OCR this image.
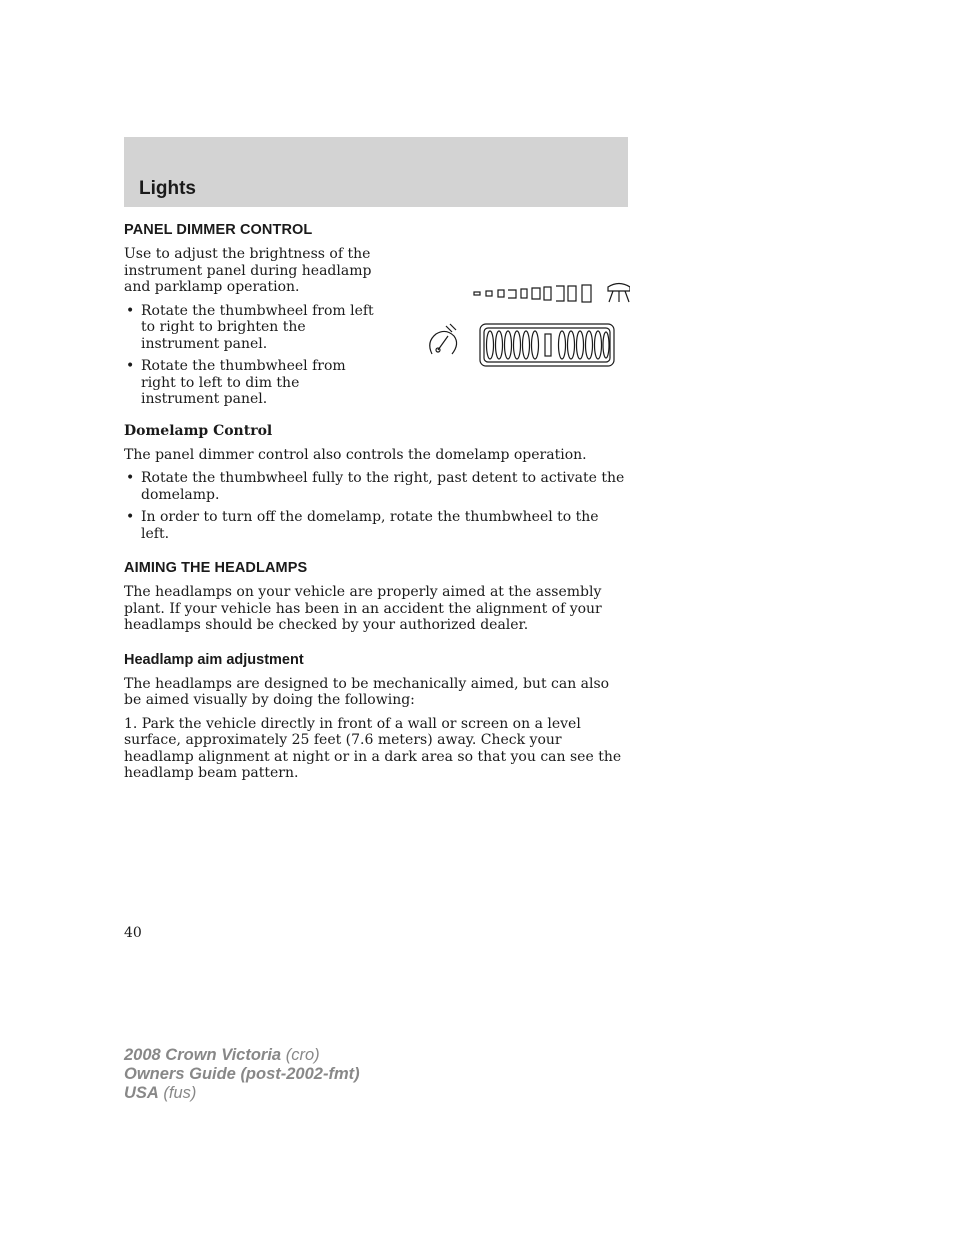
Lights
PANEL DIMMER CONTROL

Use to adjust the brightness of the instrument panel during headlamp and parklamp operation.

• Rotate the thumbwheel from left to right to brighten the instrument panel.
• Rotate the thumbwheel from right to left to dim the instrument panel.
Domelamp Control

The panel dimmer control also controls the domelamp operation.

• Rotate the thumbwheel fully to the right, past detent to activate the domelamp.
• In order to turn off the domelamp, rotate the thumbwheel to the left.
AIMING THE HEADLAMPS

The headlamps on your vehicle are properly aimed at the assembly plant. If your vehicle has been in an accident the alignment of your headlamps should be checked by your authorized dealer.

Headlamp aim adjustment

The headlamps are designed to be mechanically aimed, but can also be aimed visually by doing the following:

1. Park the vehicle directly in front of a wall or screen on a level surface, approximately 25 feet (7.6 meters) away. Check your headlamp alignment at night or in a dark area so that you can see the headlamp beam pattern.

40
2008 Crown Victoria (cro)
Owners Guide (post-2002-fmt)
USA (fus)
